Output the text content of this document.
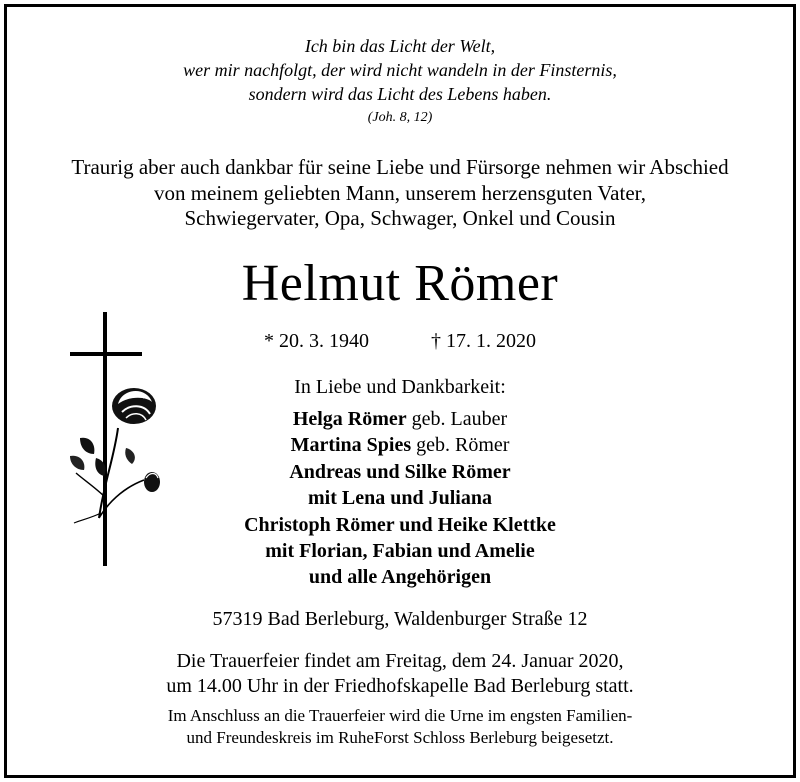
Ich bin das Licht der Welt,
wer mir nachfolgt, der wird nicht wandeln in der Finsternis,
sondern wird das Licht des Lebens haben.
(Joh. 8, 12)
Traurig aber auch dankbar für seine Liebe und Fürsorge nehmen wir Abschied
von meinem geliebten Mann, unserem herzensguten Vater,
Schwiegervater, Opa, Schwager, Onkel und Cousin
Helmut Römer
* 20. 3. 1940	† 17. 1. 2020
In Liebe und Dankbarkeit:
Helga Römer geb. Lauber
Martina Spies geb. Römer
Andreas und Silke Römer
mit Lena und Juliana
Christoph Römer und Heike Klettke
mit Florian, Fabian und Amelie
und alle Angehörigen
57319 Bad Berleburg, Waldenburger Straße 12
Die Trauerfeier findet am Freitag, dem 24. Januar 2020,
um 14.00 Uhr in der Friedhofskapelle Bad Berleburg statt.
Im Anschluss an die Trauerfeier wird die Urne im engsten Familien-
und Freundeskreis im RuheForst Schloss Berleburg beigesetzt.
